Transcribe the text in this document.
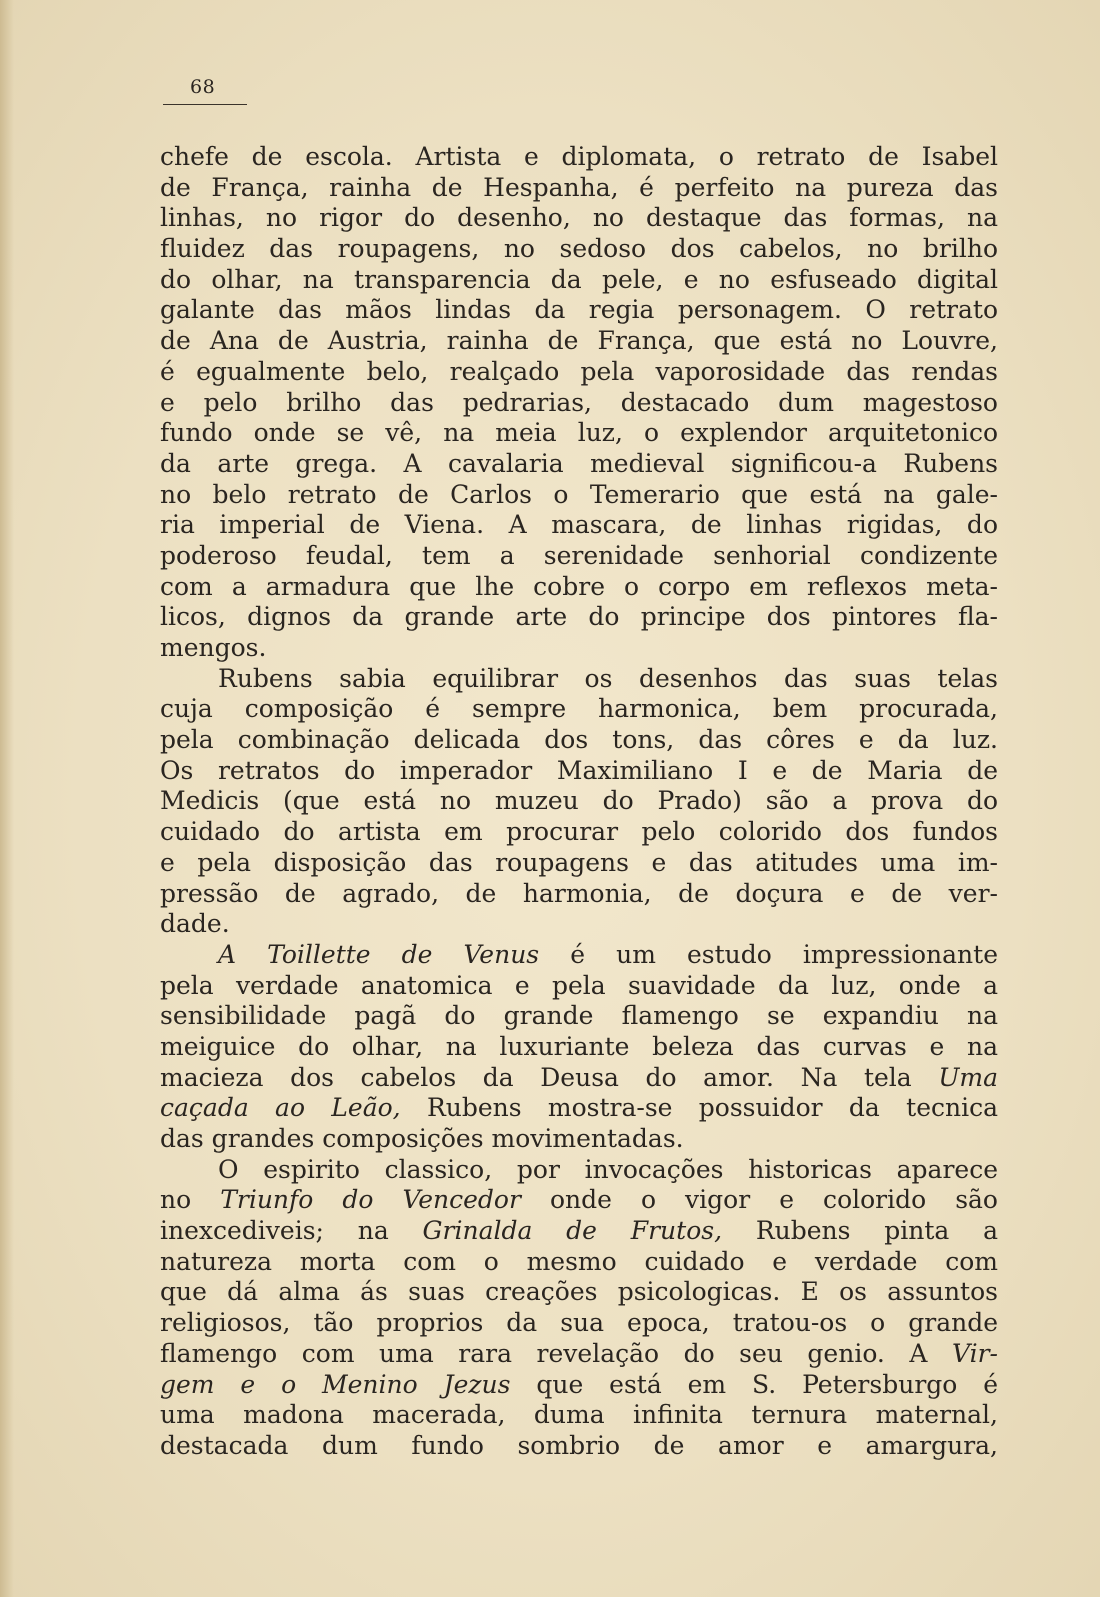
68
chefe de escola. Artista e diplomata, o retrato de Isabel
de França, rainha de Hespanha, é perfeito na pureza das
linhas, no rigor do desenho, no destaque das formas, na
fluidez das roupagens, no sedoso dos cabelos, no brilho
do olhar, na transparencia da pele, e no esfuseado digital
galante das mãos lindas da regia personagem. O retrato
de Ana de Austria, rainha de França, que está no Louvre,
é egualmente belo, realçado pela vaporosidade das rendas
e pelo brilho das pedrarias, destacado dum magestoso
fundo onde se vê, na meia luz, o explendor arquitetonico
da arte grega. A cavalaria medieval significou-a Rubens
no belo retrato de Carlos o Temerario que está na gale-
ria imperial de Viena. A mascara, de linhas rigidas, do
poderoso feudal, tem a serenidade senhorial condizente
com a armadura que lhe cobre o corpo em reflexos meta-
licos, dignos da grande arte do principe dos pintores fla-
mengos.
Rubens sabia equilibrar os desenhos das suas telas
cuja composição é sempre harmonica, bem procurada,
pela combinação delicada dos tons, das côres e da luz.
Os retratos do imperador Maximiliano I e de Maria de
Medicis (que está no muzeu do Prado) são a prova do
cuidado do artista em procurar pelo colorido dos fundos
e pela disposição das roupagens e das atitudes uma im-
pressão de agrado, de harmonia, de doçura e de ver-
dade.
A Toillette de Venus é um estudo impressionante
pela verdade anatomica e pela suavidade da luz, onde a
sensibilidade pagã do grande flamengo se expandiu na
meiguice do olhar, na luxuriante beleza das curvas e na
macieza dos cabelos da Deusa do amor. Na tela Uma
caçada ao Leão, Rubens mostra-se possuidor da tecnica
das grandes composições movimentadas.
O espirito classico, por invocações historicas aparece
no Triunfo do Vencedor onde o vigor e colorido são
inexcediveis; na Grinalda de Frutos, Rubens pinta a
natureza morta com o mesmo cuidado e verdade com
que dá alma ás suas creações psicologicas. E os assuntos
religiosos, tão proprios da sua epoca, tratou-os o grande
flamengo com uma rara revelação do seu genio. A Vir-
gem e o Menino Jezus que está em S. Petersburgo é
uma madona macerada, duma infinita ternura maternal,
destacada dum fundo sombrio de amor e amargura,
